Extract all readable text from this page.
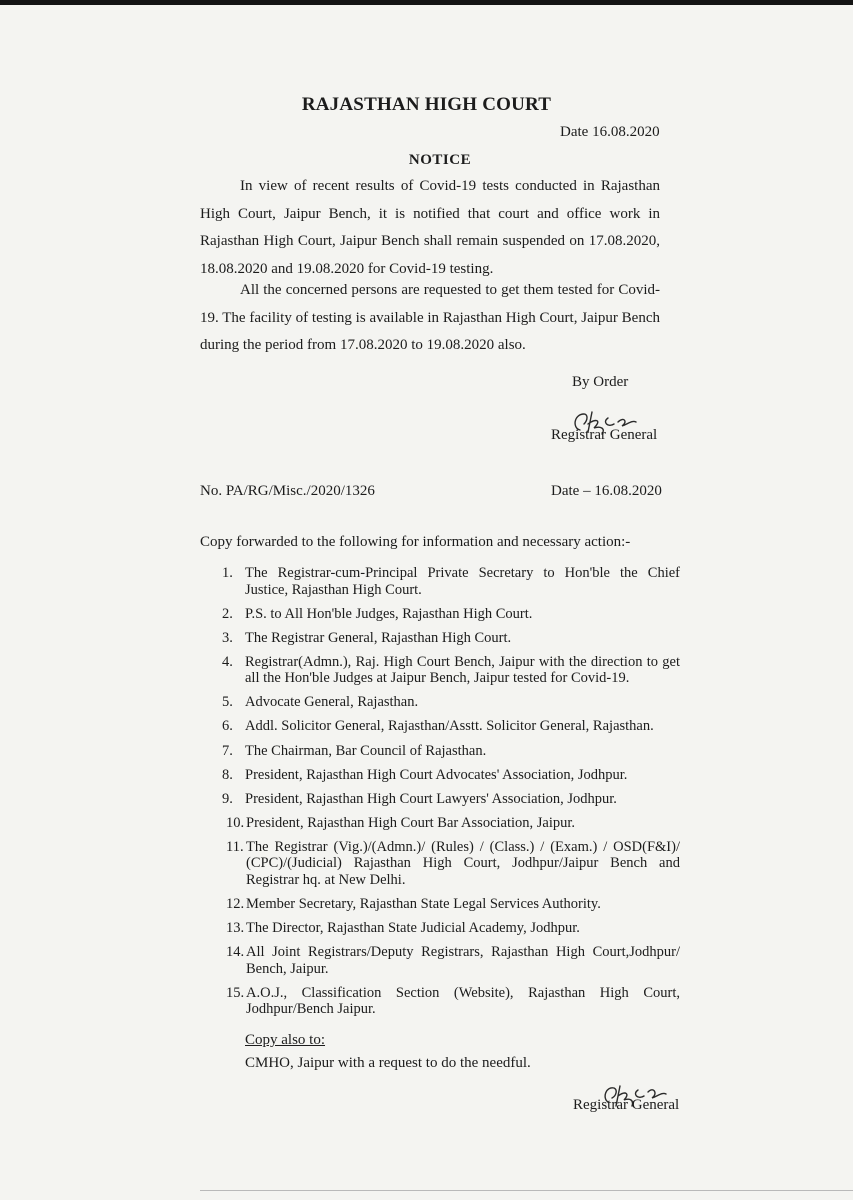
RAJASTHAN HIGH COURT
Date 16.08.2020
NOTICE
In view of recent results of Covid-19 tests conducted in Rajasthan High Court, Jaipur Bench, it is notified that court and office work in Rajasthan High Court, Jaipur Bench shall remain suspended on 17.08.2020, 18.08.2020 and 19.08.2020 for Covid-19 testing.
All the concerned persons are requested to get them tested for Covid-19. The facility of testing is available in Rajasthan High Court, Jaipur Bench during the period from 17.08.2020 to 19.08.2020 also.
By Order
Registrar General
No. PA/RG/Misc./2020/1326	Date – 16.08.2020
Copy forwarded to the following for information and necessary action:-
1. The Registrar-cum-Principal Private Secretary to Hon'ble the Chief Justice, Rajasthan High Court.
2. P.S. to All Hon'ble Judges, Rajasthan High Court.
3. The Registrar General, Rajasthan High Court.
4. Registrar(Admn.), Raj. High Court Bench, Jaipur with the direction to get all the Hon'ble Judges at Jaipur Bench, Jaipur tested for Covid-19.
5. Advocate General, Rajasthan.
6. Addl. Solicitor General, Rajasthan/Asstt. Solicitor General, Rajasthan.
7. The Chairman, Bar Council of Rajasthan.
8. President, Rajasthan High Court Advocates' Association, Jodhpur.
9. President, Rajasthan High Court Lawyers' Association, Jodhpur.
10. President, Rajasthan High Court Bar Association, Jaipur.
11. The Registrar (Vig.)/(Admn.)/ (Rules) / (Class.) / (Exam.) / OSD(F&I)/ (CPC)/(Judicial) Rajasthan High Court, Jodhpur/Jaipur Bench and Registrar hq. at New Delhi.
12. Member Secretary, Rajasthan State Legal Services Authority.
13. The Director, Rajasthan State Judicial Academy, Jodhpur.
14. All Joint Registrars/Deputy Registrars, Rajasthan High Court,Jodhpur/ Bench, Jaipur.
15. A.O.J., Classification Section (Website), Rajasthan High Court, Jodhpur/Bench Jaipur.
Copy also to:
CMHO, Jaipur with a request to do the needful.
Registrar General
